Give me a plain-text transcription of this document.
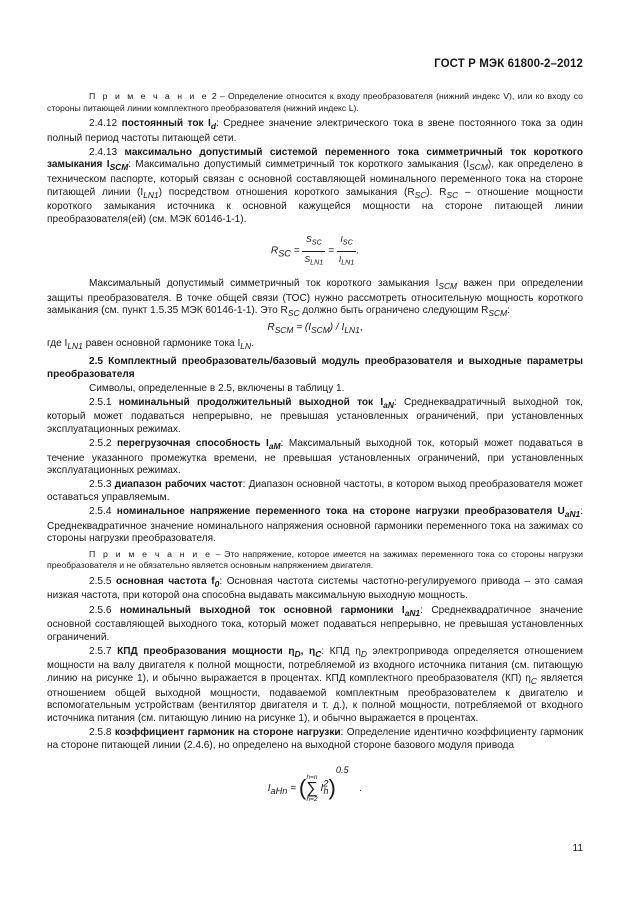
ГОСТ Р МЭК 61800-2–2012

П р и м е ч а н и е 2 – Определение относится к входу преобразователя (нижний индекс V), или ко входу со стороны питающей линии комплектного преобразователя (нижний индекс L).

2.4.12 постоянный ток $I_d$: Среднее значение электрического тока в звене постоянного тока за один полный период частоты питающей сети.

2.4.13 максимально допустимый системой переменного тока симметричный ток короткого замыкания $I_{SCM}$: Максимально допустимый симметричный ток короткого замыкания $(I_{SCM})$, как определено в техническом паспорте, который связан с основной составляющей номинального переменного тока на стороне питающей линии $(I_{LN1})$ посредством отношения короткого замыкания $(R_{SC})$. $R_{SC}$ – отношение мощности короткого замыкания источника к основной кажущейся мощности на стороне питающей линии преобразователя(ей) (см. МЭК 60146-1-1).

$R_{SC} = \frac{S_{SC}}{S_{LN1}} = \frac{I_{SC}}{I_{LN1}}$ .

Максимальный допустимый симметричный ток короткого замыкания $I_{SCM}$ важен при определении защиты преобразователя. В точке общей связи (ТОС) нужно рассмотреть относительную мощность короткого замыкания (см. пункт 1.5.35 МЭК 60146-1-1). Это $R_{SC}$ должно быть ограничено следующим $R_{SCM}$:

$R_{SCM} = (I_{SCM}) / I_{LN1}$,

где $I_{LN1}$ равен основной гармонике тока $I_{LN}$.

2.5 Комплектный преобразователь/базовый модуль преобразователя и выходные параметры преобразователя

Символы, определенные в 2.5, включены в таблицу 1.

2.5.1 номинальный продолжительный выходной ток $I_{aN}$: Среднеквадратичный выходной ток, который может подаваться непрерывно, не превышая установленных ограничений, при установленных эксплуатационных режимах.

2.5.2 перегрузочная способность $I_{aM}$: Максимальный выходной ток, который может подаваться в течение указанного промежутка времени, не превышая установленных ограничений, при установленных эксплуатационных режимах.

2.5.3 диапазон рабочих частот: Диапазон основной частоты, в котором выход преобразователя может оставаться управляемым.

2.5.4 номинальное напряжение переменного тока на стороне нагрузки преобразователя $U_{aN1}$: Среднеквадратичное значение номинального напряжения основной гармоники переменного тока на зажимах со стороны нагрузки преобразователя.

П р и м е ч а н и е – Это напряжение, которое имеется на зажимах переменного тока со стороны нагрузки преобразователя и не обязательно является основным напряжением двигателя.

2.5.5 основная частота $f_0$: Основная частота системы частотно-регулируемого привода – это самая низкая частота, при которой она способна выдавать максимальную выходную мощность.

2.5.6 номинальный выходной ток основной гармоники $I_{aN1}$: Среднеквадратичное значение основной составляющей выходного тока, который может подаваться непрерывно, не превышая установленных ограничений.

2.5.7 КПД преобразования мощности $\eta_D$, $\eta_C$: КПД $\eta_D$ электропривода определяется отношением мощности на валу двигателя к полной мощности, потребляемой из входного источника питания (см. питающую линию на рисунке 1), и обычно выражается в процентах. КПД комплектного преобразователя (КП) $\eta_C$ является отношением общей выходной мощности, подаваемой комплектным преобразователем к двигателю и вспомогательным устройствам (вентилятор двигателя и т. д.), к полной мощности, потребляемой от входного источника питания (см. питающую линию на рисунке 1), и обычно выражается в процентах.

2.5.8 коэффициент гармоник на стороне нагрузки: Определение идентично коэффициенту гармоник на стороне питающей линии (2.4.6), но определено на выходной стороне базового модуля привода

$I_{aHn} = (h=n$
∑
h=2 $I^2_h)^{0.5}$ .
11
